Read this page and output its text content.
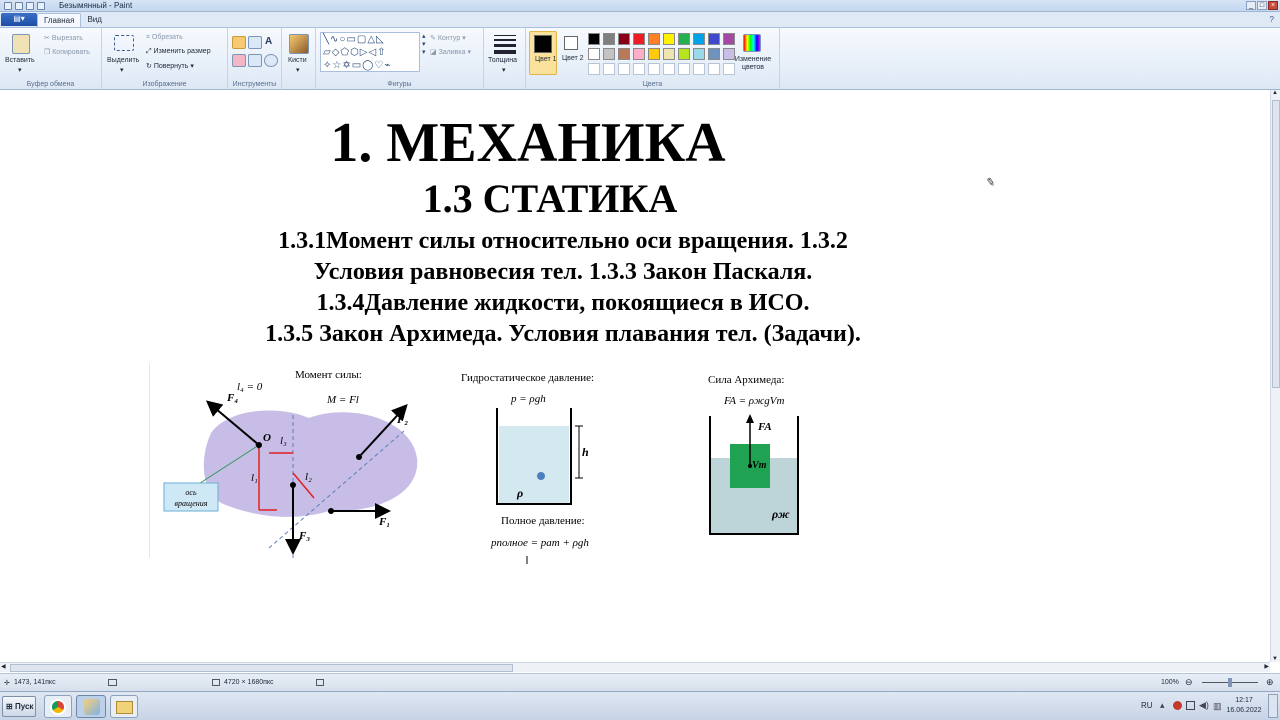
Безымянный - Paint	_ □ ×
▤▾	Главная	Вид	?
Вставить
▾
✂ Вырезать
❐ Копировать
Буфер обмена
Выделить
▾
⌗ Обрезать
⤢ Изменить размер
↻ Повернуть ▾
Изображение
A
Инструменты
Кисти
▾
╲∿○▭▢△◺
▱◇⬠⬡▷◁⇧
✧☆✡▭◯♡⌁
▴
▾
▾
✎ Контур ▾
◪ Заливка ▾
Фигуры
Толщина
▾
Цвет 1 Цвет 2	Изменение цветов
Цвета
1. МЕХАНИКА
1.3 СТАТИКА
1.3.1Момент силы относительно оси вращения. 1.3.2
Условия равновесия тел. 1.3.3 Закон Паскаля.
1.3.4Давление жидкости, покоящиеся в ИСО.
1.3.5 Закон Архимеда. Условия плавания тел. (Задачи).
ось
вращения
Момент силы:
l₄ = 0
M = Fl
F₄
F₂
F₃
F₁
O
l₁	l₂
l₃
Гидростатическое давление:
p = ρgh
h
ρ
Полное давление:
pполное = pат + ρgh
Сила Архимеда:
FA = ρжgVт
FA
Vт
ρж
✎
▲
▼
◀	▶
✛ 1473, 141пкс	4720 × 1680пкс	100% ⊖	⊕
⊞ Пуск	RU ▴	◀) ▥
12:17
16.06.2022
